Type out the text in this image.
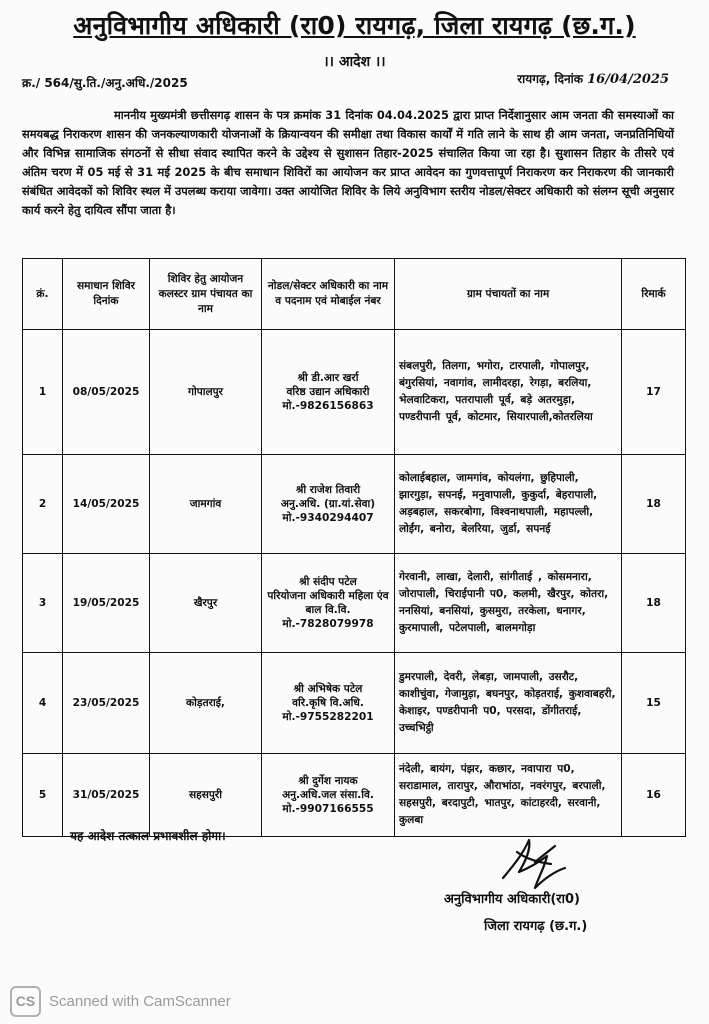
अनुविभागीय अधिकारी (रा0) रायगढ़, जिला रायगढ़ (छ.ग.)
।। आदेश ।।
क्र./ 564/सु.ति./अनु.अधि./2025	रायगढ़, दिनांक 16/04/2025
माननीय मुख्यमंत्री छत्तीसगढ़ शासन के पत्र क्रमांक 31 दिनांक 04.04.2025 द्वारा प्राप्त निर्देशानुसार आम जनता की समस्याओं का समयबद्ध निराकरण शासन की जनकल्याणकारी योजनाओं के क्रियान्वयन की समीक्षा तथा विकास कार्यों में गति लाने के साथ ही आम जनता, जनप्रतिनिधियों और विभिन्न सामाजिक संगठनों से सीधा संवाद स्थापित करने के उद्देश्य से सुशासन तिहार-2025 संचालित किया जा रहा है। सुशासन तिहार के तीसरे एवं अंतिम चरण में 05 मई से 31 मई 2025 के बीच समाधान शिविरों का आयोजन कर प्राप्त आवेदन का गुणवत्तापूर्ण निराकरण कर निराकरण की जानकारी संबंधित आवेदकों को शिविर स्थल में उपलब्ध कराया जावेगा। उक्त आयोजित शिविर के लिये अनुविभाग स्तरीय नोडल/सेक्टर अधिकारी को संलग्न सूची अनुसार कार्य करने हेतु दायित्व सौंपा जाता है।
क्रं.	समाधान शिविर दिनांक	शिविर हेतु आयोजन कलस्टर ग्राम पंचायत का नाम	नोडल/सेक्टर अधिकारी का नाम व पदनाम एवं मोबाईल नंबर	ग्राम पंचायतों का नाम	रिमार्क
1	08/05/2025	गोपालपुर	श्री डी.आर खर्रा
वरिष्ठ उद्यान अधिकारी
मो.-9826156863	संबलपुरी, तिलगा, भगोरा, टारपाली, गोपालपुर, बंगुरसियां, नवागांव, लामीदरहा, रेगड़ा, बरलिया, भेलवाटिकरा, पतरापाली पूर्व, बड़े अतरमुड़ा, पण्डरीपानी पूर्व, कोटमार, सियारपाली,कोतरलिया	17
2	14/05/2025	जामगांव	श्री राजेश तिवारी
अनु.अधि. (ग्रा.यां.सेवा)
मो.-9340294407	कोलाईबहाल, जामगांव, कोयलंगा, छुहिपाली, झारगुड़ा, सपनई, मनुवापाली, कुकुर्दा, बेहरापाली, अड़बहाल, सकरबोगा, विश्वनाथपाली, महापल्ली, लोईंग, बनोरा, बेलरिया, जुर्डा, सपनई	18
3	19/05/2025	खैरपुर	श्री संदीप पटेल
परियोजना अधिकारी महिला एंव बाल वि.वि.
मो.-7828079978	गेरवानी, लाखा, देलारी, सांगीताई , कोसमनारा, जोरापाली, चिराईपानी प0, कलमी, खैरपुर, कोतरा, ननसियां, बनसियां, कुसमुरा, तरकेला, धनागर, कुरमापाली, पटेलपाली, बालमगोड़ा	18
4	23/05/2025	कोड़तराई,	श्री अभिषेक पटेल
वरि.कृषि वि.अधि.
मो.-9755282201	डुमरपाली, देवरी, लेबड़ा, जामपाली, उसरौट, काशीचुंवा, गेजामुड़ा, बघनपुर, कोड़तराई, कुशवाबहरी, केशाइर, पण्डरीपानी प0, परसदा, डोंगीतराई, उच्चभिट्ठी	15
5	31/05/2025	सहसपुरी	श्री दुर्गेश नायक
अनु.अधि.जल संसा.वि.
मो.-9907166555	नंदेली, बायंग, पंझर, कछार, नवापारा प0, सराडामाल, तारापुर, औराभांठा, नवरंगपुर, बरपाली, सहसपुरी, बरदापुटी, भातपुर, कांटाहरदी, सरवानी, कुलबा	16
यह आदेश तत्काल प्रभावशील होगा।
अनुविभागीय अधिकारी(रा0)
जिला रायगढ़ (छ.ग.)
CS Scanned with CamScanner
